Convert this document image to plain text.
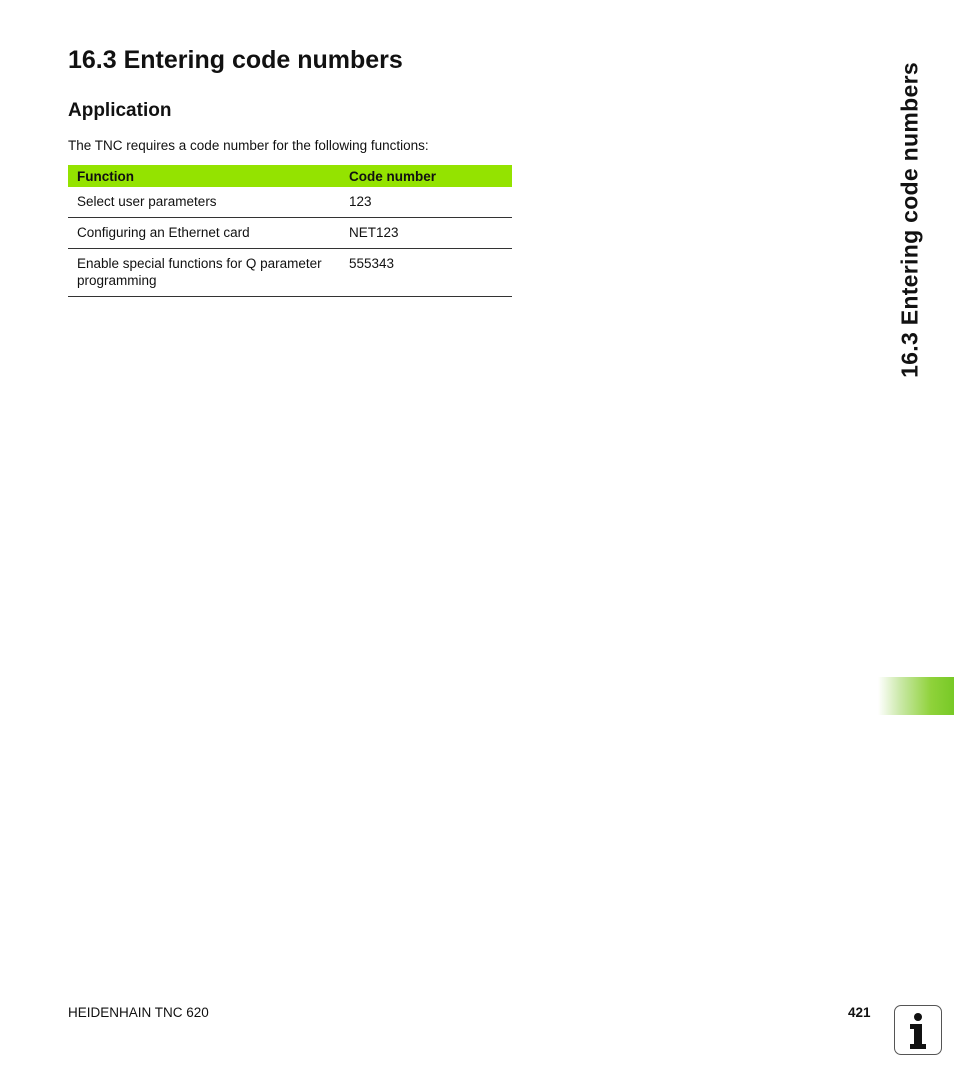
16.3 Entering code numbers
Application
The TNC requires a code number for the following functions:
Function	Code number
Select user parameters	123
Configuring an Ethernet card	NET123
Enable special functions for Q parameter programming	555343	16.3 Entering code numbers
HEIDENHAIN TNC 620	421
